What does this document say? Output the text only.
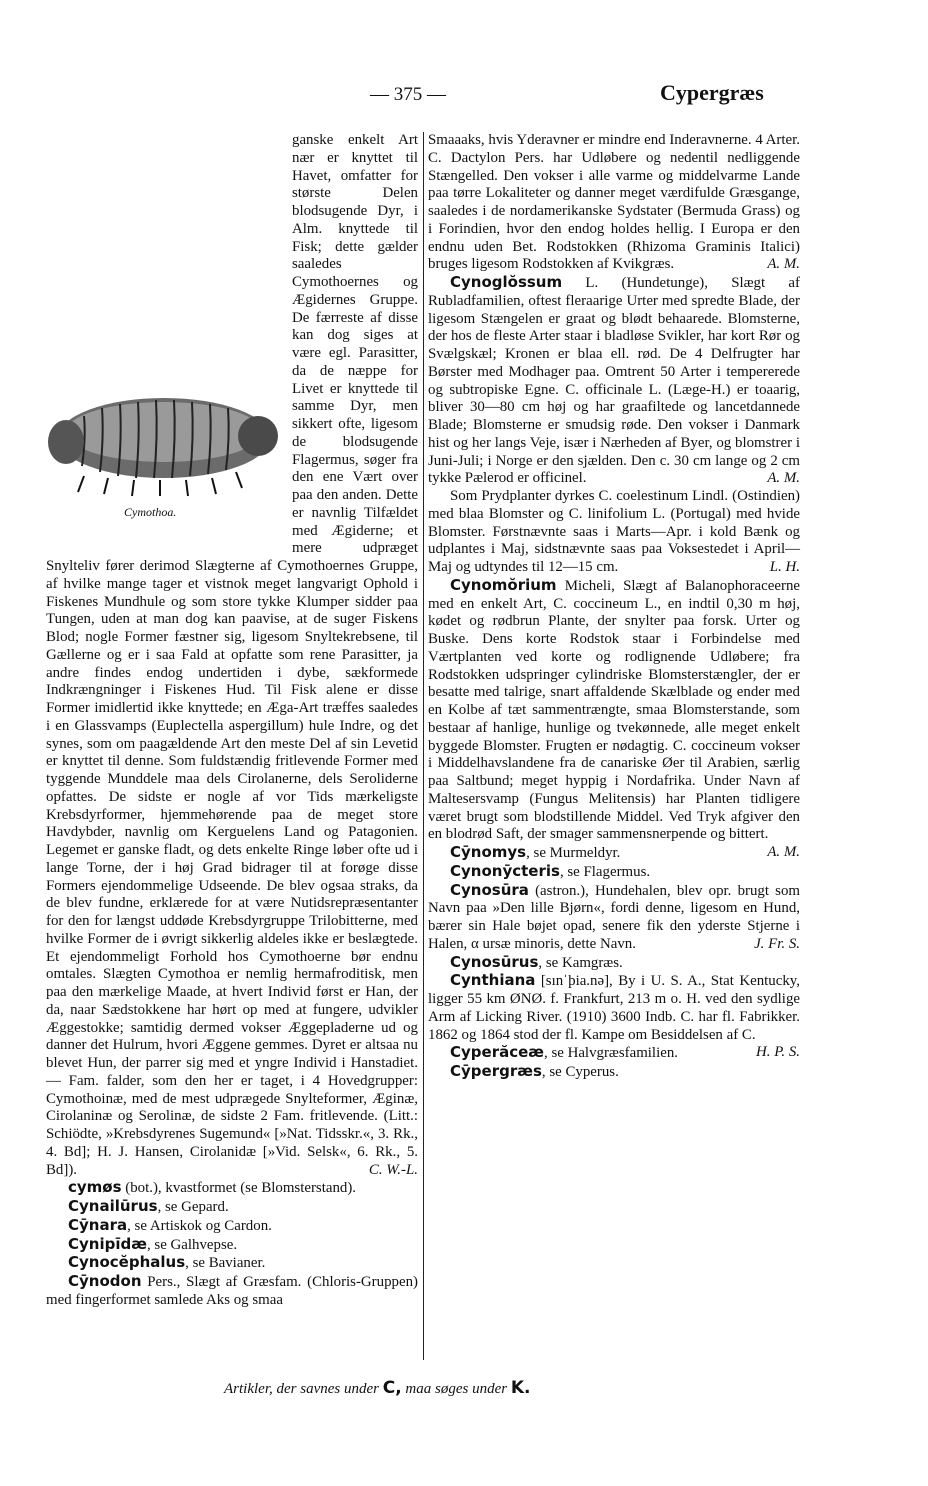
— 375 —	Cypergræs

Cymothoa.
ganske enkelt Art nær er knyttet til Havet, omfatter for største Delen blodsugende Dyr, i Alm. knyttede til Fisk; dette gælder saaledes Cymothoernes og Ægidernes Gruppe. De færreste af disse kan dog siges at være egl. Parasitter, da de næppe for Livet er knyttede til samme Dyr, men sikkert ofte, ligesom de blodsugende Flagermus, søger fra den ene Vært over paa den anden. Dette er navnlig Tilfældet med Ægiderne; et mere udpræget Snylteliv fører derimod Slægterne af Cymothoernes Gruppe, af hvilke mange tager et vistnok meget langvarigt Ophold i Fiskenes Mundhule og som store tykke Klumper sidder paa Tungen, uden at man dog kan paavise, at de suger Fiskens Blod; nogle Former fæstner sig, ligesom Snyltekrebsene, til Gællerne og er i saa Fald at opfatte som rene Parasitter, ja andre findes endog undertiden i dybe, sækformede Indkrængninger i Fiskenes Hud. Til Fisk alene er disse Former imidlertid ikke knyttede; en Æga-Art træffes saaledes i en Glassvamps (Euplectella aspergillum) hule Indre, og det synes, som om paagældende Art den meste Del af sin Levetid er knyttet til denne. Som fuldstændig fritlevende Former med tyggende Munddele maa dels Cirolanerne, dels Seroliderne opfattes. De sidste er nogle af vor Tids mærkeligste Krebsdyrformer, hjemmehørende paa de meget store Havdybder, navnlig om Kerguelens Land og Patagonien. Legemet er ganske fladt, og dets enkelte Ringe løber ofte ud i lange Torne, der i høj Grad bidrager til at forøge disse Formers ejendommelige Udseende. De blev ogsaa straks, da de blev fundne, erklærede for at være Nutidsrepræsentanter for den for længst uddøde Krebsdyrgruppe Trilobitterne, med hvilke Former de i øvrigt sikkerlig aldeles ikke er beslægtede. Et ejendommeligt Forhold hos Cymothoerne bør endnu omtales. Slægten Cymothoa er nemlig hermafroditisk, men paa den mærkelige Maade, at hvert Individ først er Han, der da, naar Sædstokkene har hørt op med at fungere, udvikler Æggestokke; samtidig dermed vokser Æggepladerne ud og danner det Hulrum, hvori Æggene gemmes. Dyret er altsaa nu blevet Hun, der parrer sig med et yngre Individ i Hanstadiet. — Fam. falder, som den her er taget, i 4 Hovedgrupper: Cymothoinæ, med de mest udprægede Snylteformer, Æginæ, Cirolaninæ og Serolinæ, de sidste 2 Fam. fritlevende. (Litt.: Schiödte, »Krebsdyrenes Sugemund« [»Nat. Tidsskr.«, 3. Rk., 4. Bd]; H. J. Hansen, Cirolanidæ [»Vid. Selsk«, 6. Rk., 5. Bd]).	C. W.-L.

cymøs (bot.), kvastformet (se Blomsterstand).

Cynailūrus, se Gepard.

Cȳnara, se Artiskok og Cardon.

Cynipīdæ, se Galhvepse.

Cynocĕphalus, se Bavianer.

Cȳnodon Pers., Slægt af Græsfam. (Chloris-Gruppen) med fingerformet samlede Aks og smaa

Smaaaks, hvis Yderavner er mindre end Inderavnerne. 4 Arter. C. Dactylon Pers. har Udløbere og nedentil nedliggende Stængelled. Den vokser i alle varme og middelvarme Lande paa tørre Lokaliteter og danner meget værdifulde Græsgange, saaledes i de nordamerikanske Sydstater (Bermuda Grass) og i Forindien, hvor den endog holdes hellig. I Europa er den endnu uden Bet. Rodstokken (Rhizoma Graminis Italici) bruges ligesom Rodstokken af Kvikgræs.	A. M.

Cynoglŏssum L. (Hundetunge), Slægt af Rubladfamilien, oftest fleraarige Urter med spredte Blade, der ligesom Stængelen er graat og blødt behaarede. Blomsterne, der hos de fleste Arter staar i bladløse Svikler, har kort Rør og Svælgskæl; Kronen er blaa ell. rød. De 4 Delfrugter har Børster med Modhager paa. Omtrent 50 Arter i tempererede og subtropiske Egne. C. officinale L. (Læge-H.) er toaarig, bliver 30—80 cm høj og har graafiltede og lancetdannede Blade; Blomsterne er smudsig røde. Den vokser i Danmark hist og her langs Veje, især i Nærheden af Byer, og blomstrer i Juni-Juli; i Norge er den sjælden. Den c. 30 cm lange og 2 cm tykke Pælerod er officinel.	A. M.

Som Prydplanter dyrkes C. coelestinum Lindl. (Ostindien) med blaa Blomster og C. linifolium L. (Portugal) med hvide Blomster. Førstnævnte saas i Marts—Apr. i kold Bænk og udplantes i Maj, sidstnævnte saas paa Voksestedet i April—Maj og udtyndes til 12—15 cm.	L. H.

Cynomŏrium Micheli, Slægt af Balanophoraceerne med en enkelt Art, C. coccineum L., en indtil 0,30 m høj, kødet og rødbrun Plante, der snylter paa forsk. Urter og Buske. Dens korte Rodstok staar i Forbindelse med Værtplanten ved korte og rodlignende Udløbere; fra Rodstokken udspringer cylindriske Blomsterstængler, der er besatte med talrige, snart affaldende Skælblade og ender med en Kolbe af tæt sammentrængte, smaa Blomsterstande, som bestaar af hanlige, hunlige og tvekønnede, alle meget enkelt byggede Blomster. Frugten er nødagtig. C. coccineum vokser i Middelhavslandene fra de canariske Øer til Arabien, særlig paa Saltbund; meget hyppig i Nordafrika. Under Navn af Maltesersvamp (Fungus Melitensis) har Planten tidligere været brugt som blodstillende Middel. Ved Tryk afgiver den en blodrød Saft, der smager sammensnerpende og bittert.
A. M.

Cȳnomys, se Murmeldyr.

Cynonȳcteris, se Flagermus.

Cynosūra (astron.), Hundehalen, blev opr. brugt som Navn paa »Den lille Bjørn«, fordi denne, ligesom en Hund, bærer sin Hale bøjet opad, senere fik den yderste Stjerne i Halen, α ursæ minoris, dette Navn.	J. Fr. S.

Cynosūrus, se Kamgræs.

Cynthiana [sınˈþia.nə], By i U. S. A., Stat Kentucky, ligger 55 km ØNØ. f. Frankfurt, 213 m o. H. ved den sydlige Arm af Licking River. (1910) 3600 Indb. C. har fl. Fabrikker. 1862 og 1864 stod der fl. Kampe om Besiddelsen af C.
H. P. S.

Cyperăceæ, se Halvgræsfamilien.

Cȳpergræs, se Cyperus.

Artikler, der savnes under C, maa søges under K.
